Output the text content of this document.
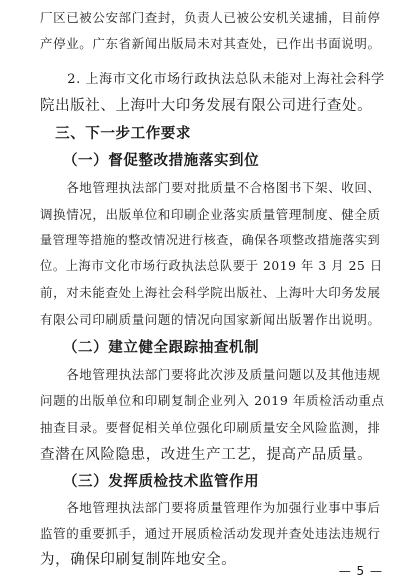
厂区已被公安部门查封，负责人已被公安机关逮捕，目前停
产停业。广东省新闻出版局未对其查处，已作出书面说明。
　　2. 上海市文化市场行政执法总队未能对上海社会科学
院出版社、上海叶大印务发展有限公司进行查处。
　三、下一步工作要求
　　（一）督促整改措施落实到位
　　各地管理执法部门要对批质量不合格图书下架、收回、
调换情况，出版单位和印刷企业落实质量管理制度、健全质
量管理等措施的整改情况进行核查，确保各项整改措施落实到
位。上海市文化市场行政执法总队要于 2019 年 3 月 25 日
前，对未能查处上海社会科学院出版社、上海叶大印务发展
有限公司印刷质量问题的情况向国家新闻出版署作出说明。
　　（二）建立健全跟踪抽查机制
　　各地管理执法部门要将此次涉及质量问题以及其他违规
问题的出版单位和印刷复制企业列入 2019 年质检活动重点
抽查目录。要督促相关单位强化印刷质量安全风险监测，排
查潜在风险隐患，改进生产工艺，提高产品质量。
　　（三）发挥质检技术监管作用
　　各地管理执法部门要将质量管理作为加强行业事中事后
监管的重要抓手，通过开展质检活动发现并查处违法违规行
为，确保印刷复制阵地安全。
— 5 —
